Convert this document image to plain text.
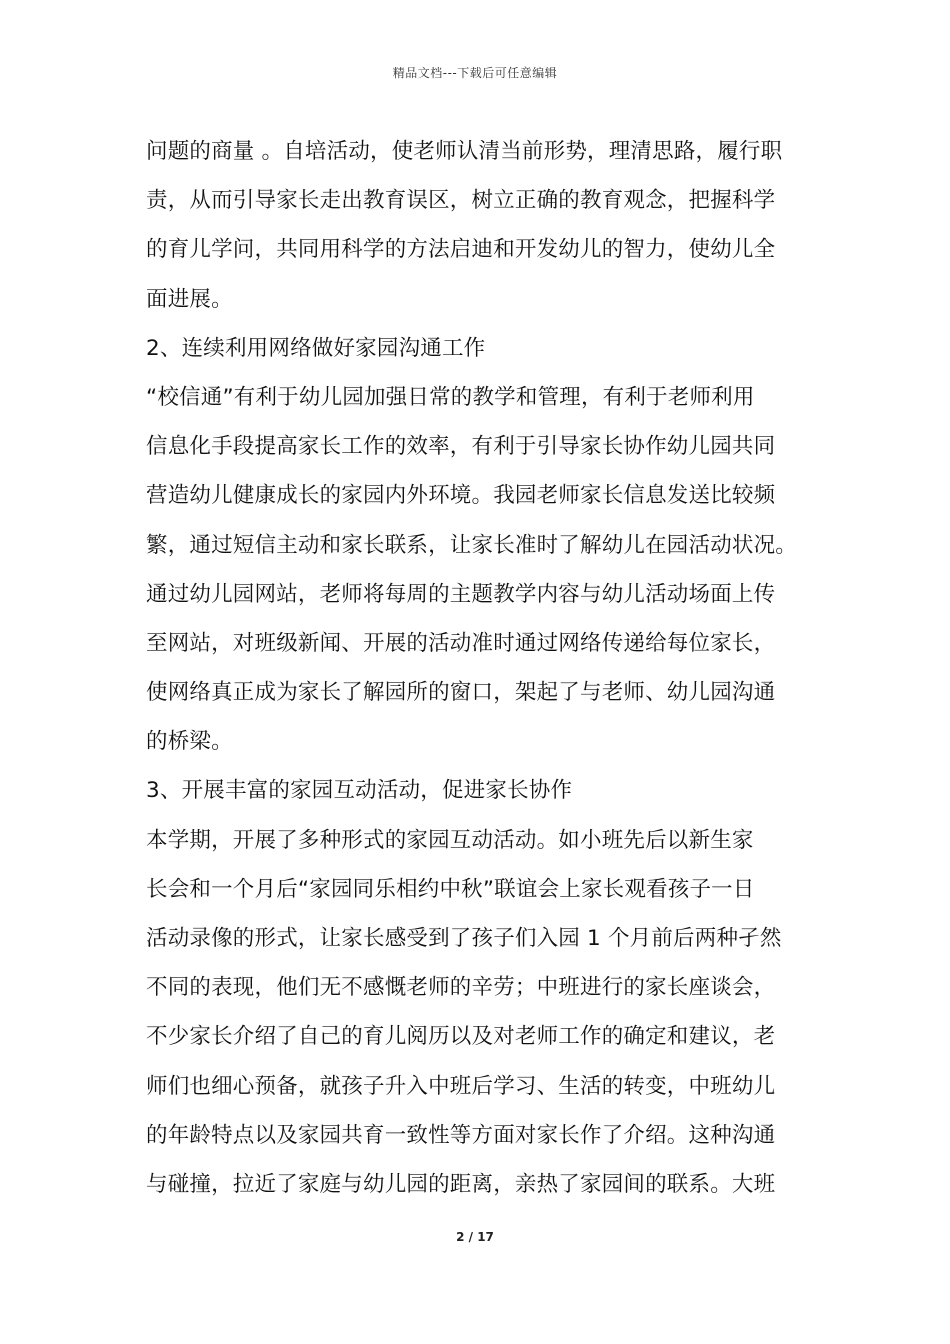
精品文档---下载后可任意编辑
问题的商量 。自培活动，使老师认清当前形势，理清思路，履行职
责，从而引导家长走出教育误区，树立正确的教育观念，把握科学
的育儿学问，共同用科学的方法启迪和开发幼儿的智力，使幼儿全
面进展。
2、连续利用网络做好家园沟通工作
“校信通”有利于幼儿园加强日常的教学和管理，有利于老师利用
信息化手段提高家长工作的效率，有利于引导家长协作幼儿园共同
营造幼儿健康成长的家园内外环境。我园老师家长信息发送比较频
繁，通过短信主动和家长联系，让家长准时了解幼儿在园活动状况。
通过幼儿园网站，老师将每周的主题教学内容与幼儿活动场面上传
至网站，对班级新闻、开展的活动准时通过网络传递给每位家长，
使网络真正成为家长了解园所的窗口，架起了与老师、幼儿园沟通
的桥梁。
3、开展丰富的家园互动活动，促进家长协作
本学期，开展了多种形式的家园互动活动。如小班先后以新生家
长会和一个月后“家园同乐相约中秋”联谊会上家长观看孩子一日
活动录像的形式，让家长感受到了孩子们入园 1 个月前后两种孑然
不同的表现，他们无不感慨老师的辛劳；中班进行的家长座谈会，
不少家长介绍了自己的育儿阅历以及对老师工作的确定和建议，老
师们也细心预备，就孩子升入中班后学习、生活的转变，中班幼儿
的年龄特点以及家园共育一致性等方面对家长作了介绍。这种沟通
与碰撞，拉近了家庭与幼儿园的距离，亲热了家园间的联系。大班
2 / 17
